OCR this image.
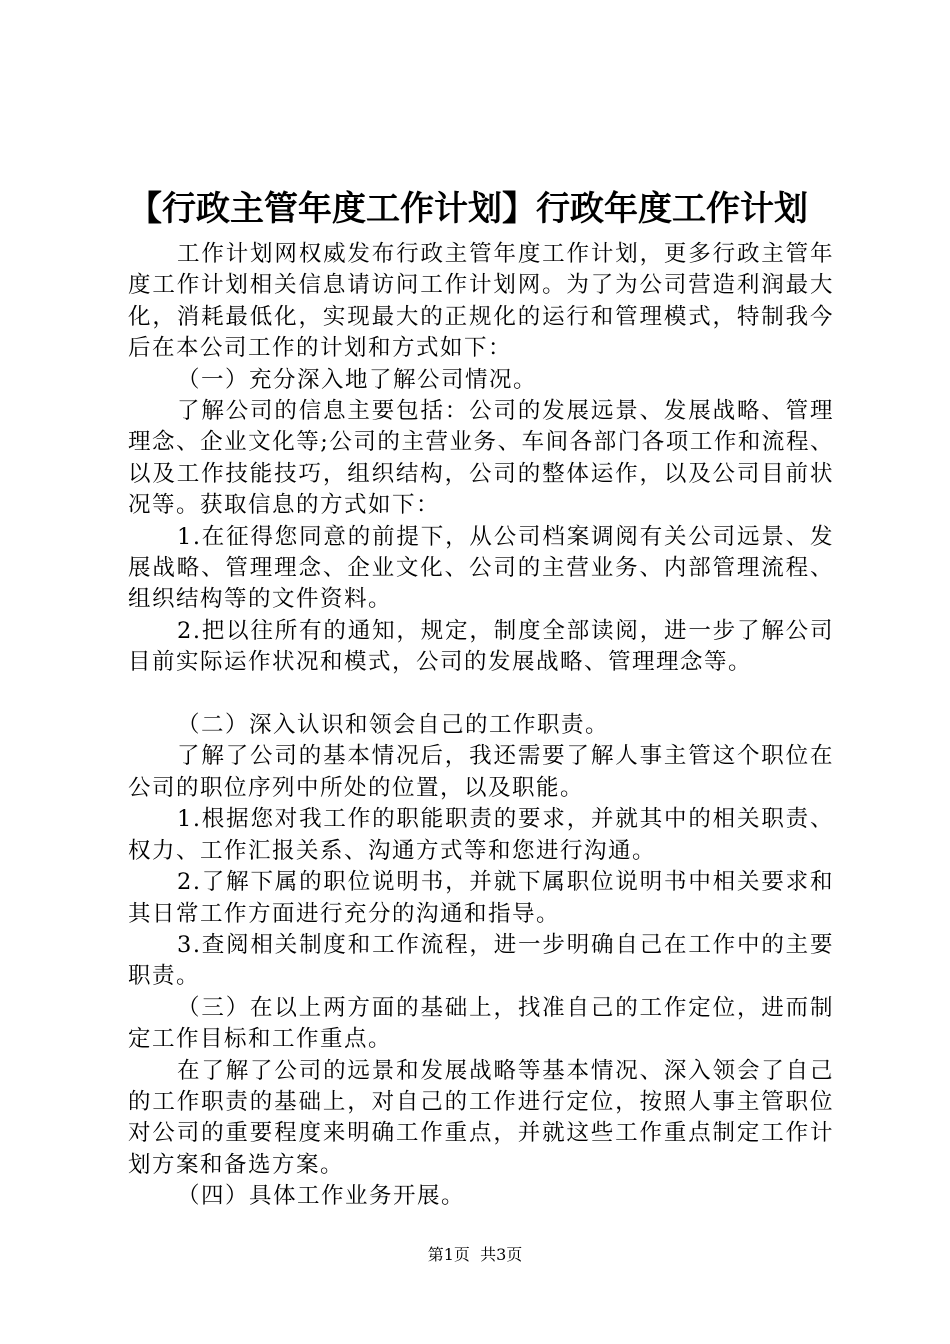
【行政主管年度工作计划】行政年度工作计划

工作计划网权威发布行政主管年度工作计划，更多行政主管年度工作计划相关信息请访问工作计划网。为了为公司营造利润最大化，消耗最低化，实现最大的正规化的运行和管理模式，特制我今后在本公司工作的计划和方式如下：

（一）充分深入地了解公司情况。

了解公司的信息主要包括：公司的发展远景、发展战略、管理理念、企业文化等;公司的主营业务、车间各部门各项工作和流程、以及工作技能技巧，组织结构，公司的整体运作，以及公司目前状况等。获取信息的方式如下：

1.在征得您同意的前提下，从公司档案调阅有关公司远景、发展战略、管理理念、企业文化、公司的主营业务、内部管理流程、组织结构等的文件资料。

2.把以往所有的通知，规定，制度全部读阅，进一步了解公司目前实际运作状况和模式，公司的发展战略、管理理念等。

（二）深入认识和领会自己的工作职责。

了解了公司的基本情况后，我还需要了解人事主管这个职位在公司的职位序列中所处的位置，以及职能。

1.根据您对我工作的职能职责的要求，并就其中的相关职责、权力、工作汇报关系、沟通方式等和您进行沟通。

2.了解下属的职位说明书，并就下属职位说明书中相关要求和其日常工作方面进行充分的沟通和指导。

3.查阅相关制度和工作流程，进一步明确自己在工作中的主要职责。

（三）在以上两方面的基础上，找准自己的工作定位，进而制定工作目标和工作重点。

在了解了公司的远景和发展战略等基本情况、深入领会了自己的工作职责的基础上，对自己的工作进行定位，按照人事主管职位对公司的重要程度来明确工作重点，并就这些工作重点制定工作计划方案和备选方案。

（四）具体工作业务开展。

第1页  共3页
